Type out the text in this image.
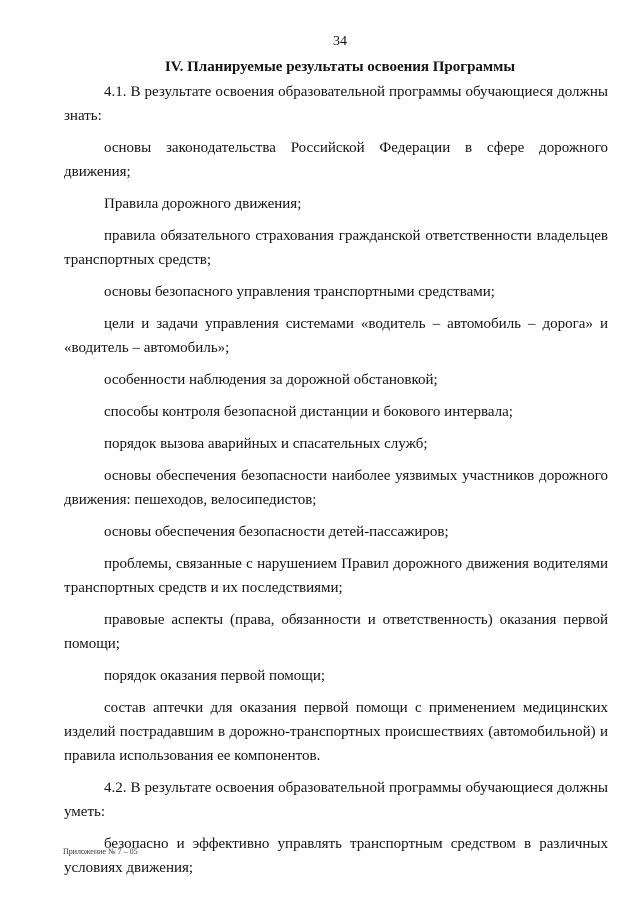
34
IV. Планируемые результаты освоения Программы

4.1. В результате освоения образовательной программы обучающиеся должны знать:

основы законодательства Российской Федерации в сфере дорожного движения;

Правила дорожного движения;

правила обязательного страхования гражданской ответственности владельцев транспортных средств;

основы безопасного управления транспортными средствами;

цели и задачи управления системами «водитель – автомобиль – дорога» и «водитель – автомобиль»;

особенности наблюдения за дорожной обстановкой;

способы контроля безопасной дистанции и бокового интервала;

порядок вызова аварийных и спасательных служб;

основы обеспечения безопасности наиболее уязвимых участников дорожного движения: пешеходов, велосипедистов;

основы обеспечения безопасности детей-пассажиров;

проблемы, связанные с нарушением Правил дорожного движения водителями транспортных средств и их последствиями;

правовые аспекты (права, обязанности и ответственность) оказания первой помощи;

порядок оказания первой помощи;

состав аптечки для оказания первой помощи с применением медицинских изделий пострадавшим в дорожно-транспортных происшествиях (автомобильной) и правила использования ее компонентов.

4.2. В результате освоения образовательной программы обучающиеся должны уметь:

безопасно и эффективно управлять транспортным средством в различных условиях движения;

Приложение № 7 – 05
